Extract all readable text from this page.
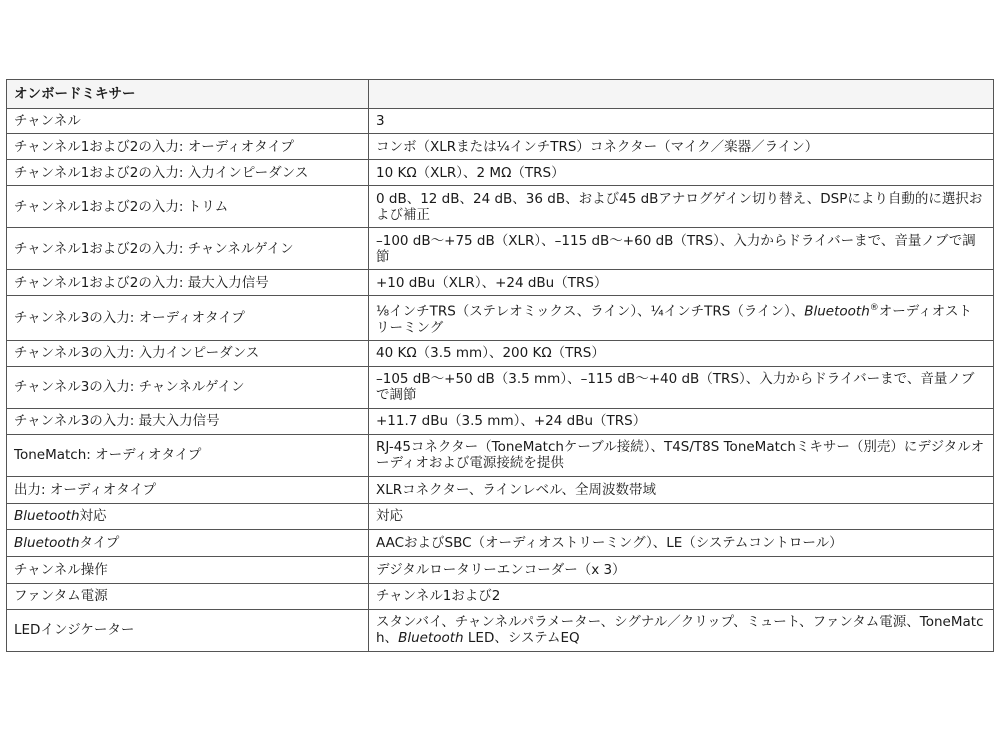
オンボードミキサー	
チャンネル	3
チャンネル1および2の入力: オーディオタイプ	コンボ（XLRまたは¼インチTRS）コネクター（マイク／楽器／ライン）
チャンネル1および2の入力: 入力インピーダンス	10 KΩ（XLR）、2 MΩ（TRS）
チャンネル1および2の入力: トリム	0 dB、12 dB、24 dB、36 dB、および45 dBアナログゲイン切り替え、DSPにより自動的に選択および補正
チャンネル1および2の入力: チャンネルゲイン	–100 dB〜+75 dB（XLR）、–115 dB〜+60 dB（TRS）、入力からドライバーまで、音量ノブで調節
チャンネル1および2の入力: 最大入力信号	+10 dBu（XLR）、+24 dBu（TRS）
チャンネル3の入力: オーディオタイプ	⅛インチTRS（ステレオミックス、ライン）、¼インチTRS（ライン）、Bluetooth®オーディオストリーミング
チャンネル3の入力: 入力インピーダンス	40 KΩ（3.5 mm）、200 KΩ（TRS）
チャンネル3の入力: チャンネルゲイン	–105 dB〜+50 dB（3.5 mm）、–115 dB〜+40 dB（TRS）、入力からドライバーまで、音量ノブで調節
チャンネル3の入力: 最大入力信号	+11.7 dBu（3.5 mm）、+24 dBu（TRS）
ToneMatch: オーディオタイプ	RJ-45コネクター（ToneMatchケーブル接続）、T4S/T8S ToneMatchミキサー（別売）にデジタルオーディオおよび電源接続を提供
出力: オーディオタイプ	XLRコネクター、ラインレベル、全周波数帯域
Bluetooth対応	対応
Bluetoothタイプ	AACおよびSBC（オーディオストリーミング）、LE（システムコントロール）
チャンネル操作	デジタルロータリーエンコーダー（x 3）
ファンタム電源	チャンネル1および2
LEDインジケーター	スタンバイ、チャンネルパラメーター、シグナル／クリップ、ミュート、ファンタム電源、ToneMatch、Bluetooth LED、システムEQ
